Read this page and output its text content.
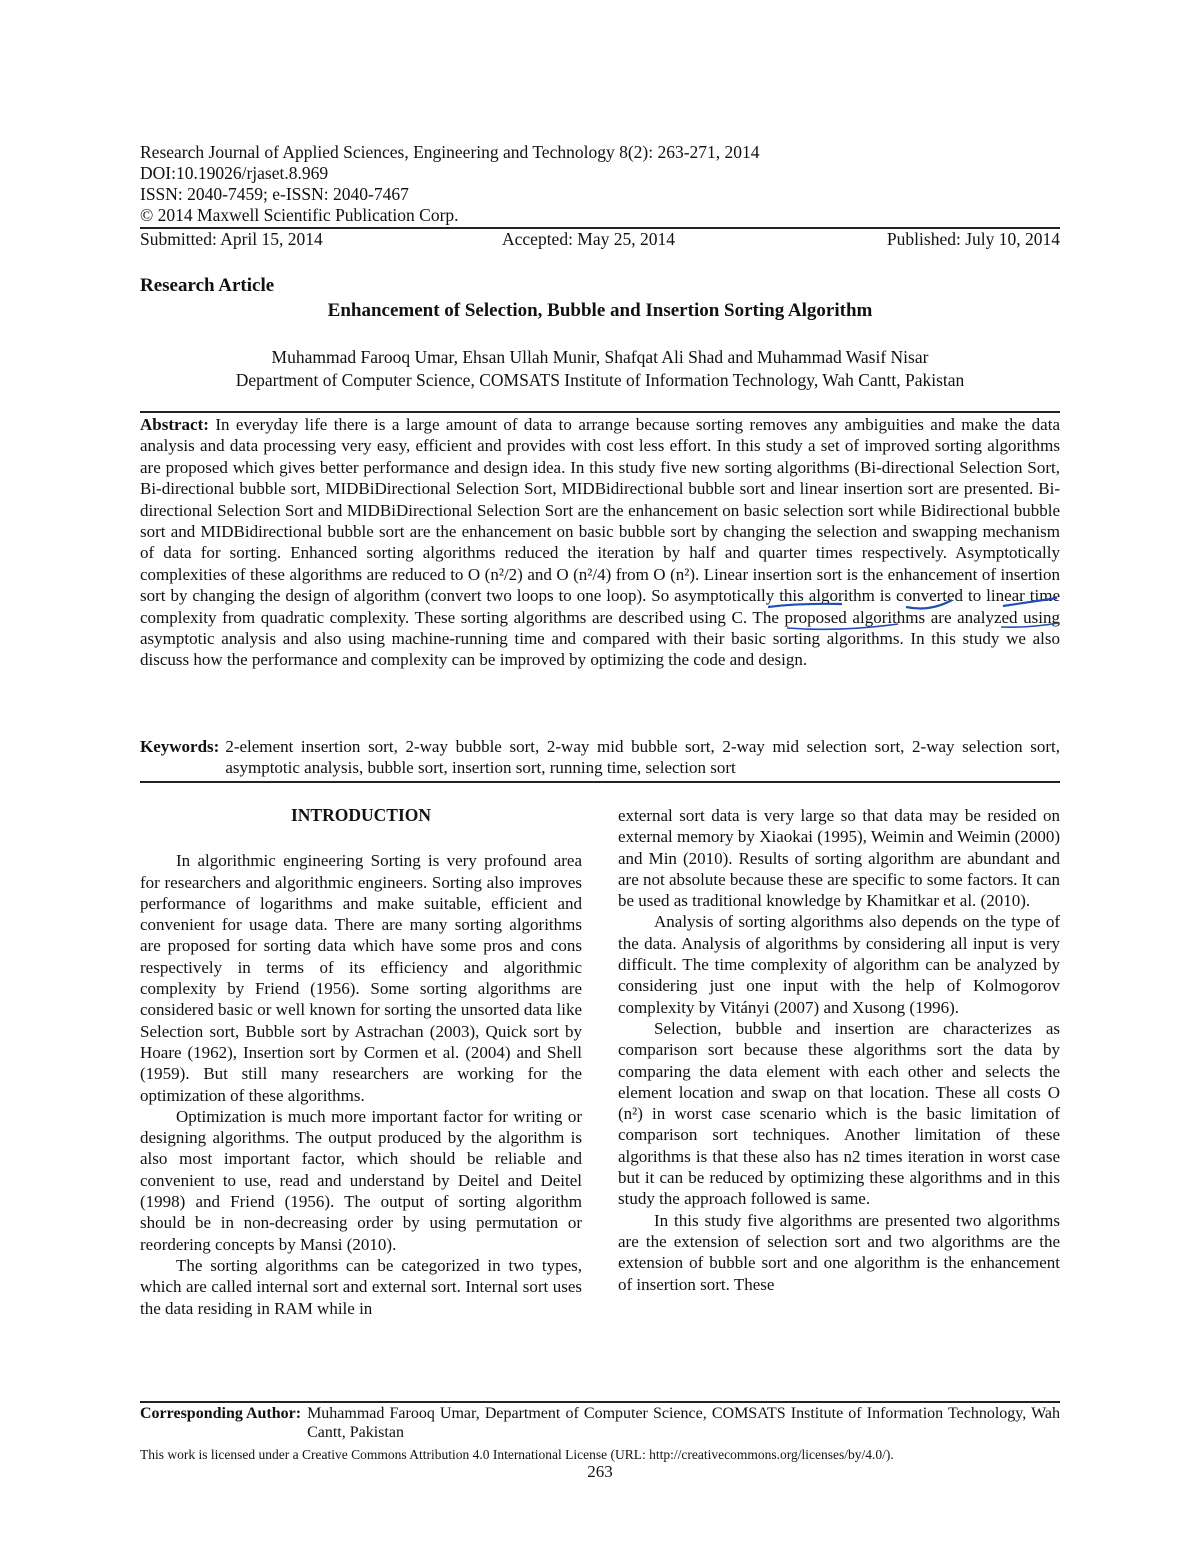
Research Journal of Applied Sciences, Engineering and Technology 8(2): 263-271, 2014
DOI:10.19026/rjaset.8.969
ISSN: 2040-7459; e-ISSN: 2040-7467
© 2014 Maxwell Scientific Publication Corp.
Submitted: April 15, 2014	Accepted: May 25, 2014	Published: July 10, 2014
Research Article
Enhancement of Selection, Bubble and Insertion Sorting Algorithm
Muhammad Farooq Umar, Ehsan Ullah Munir, Shafqat Ali Shad and Muhammad Wasif Nisar
Department of Computer Science, COMSATS Institute of Information Technology, Wah Cantt, Pakistan
Abstract: In everyday life there is a large amount of data to arrange because sorting removes any ambiguities and make the data analysis and data processing very easy, efficient and provides with cost less effort. In this study a set of improved sorting algorithms are proposed which gives better performance and design idea. In this study five new sorting algorithms (Bi-directional Selection Sort, Bi-directional bubble sort, MIDBiDirectional Selection Sort, MIDBidirectional bubble sort and linear insertion sort are presented. Bi-directional Selection Sort and MIDBiDirectional Selection Sort are the enhancement on basic selection sort while Bidirectional bubble sort and MIDBidirectional bubble sort are the enhancement on basic bubble sort by changing the selection and swapping mechanism of data for sorting. Enhanced sorting algorithms reduced the iteration by half and quarter times respectively. Asymptotically complexities of these algorithms are reduced to O (n²/2) and O (n²/4) from O (n²). Linear insertion sort is the enhancement of insertion sort by changing the design of algorithm (convert two loops to one loop). So asymptotically this algorithm is converted to linear time complexity from quadratic complexity. These sorting algorithms are described using C. The proposed algorithms are analyzed using asymptotic analysis and also using machine-running time and compared with their basic sorting algorithms. In this study we also discuss how the performance and complexity can be improved by optimizing the code and design.
Keywords: 2-element insertion sort, 2-way bubble sort, 2-way mid bubble sort, 2-way mid selection sort, 2-way selection sort, asymptotic analysis, bubble sort, insertion sort, running time, selection sort
INTRODUCTION

In algorithmic engineering Sorting is very profound area for researchers and algorithmic engineers. Sorting also improves performance of logarithms and make suitable, efficient and convenient for usage data. There are many sorting algorithms are proposed for sorting data which have some pros and cons respectively in terms of its efficiency and algorithmic complexity by Friend (1956). Some sorting algorithms are considered basic or well known for sorting the unsorted data like Selection sort, Bubble sort by Astrachan (2003), Quick sort by Hoare (1962), Insertion sort by Cormen et al. (2004) and Shell (1959). But still many researchers are working for the optimization of these algorithms.

Optimization is much more important factor for writing or designing algorithms. The output produced by the algorithm is also most important factor, which should be reliable and convenient to use, read and understand by Deitel and Deitel (1998) and Friend (1956). The output of sorting algorithm should be in non-decreasing order by using permutation or reordering concepts by Mansi (2010).

The sorting algorithms can be categorized in two types, which are called internal sort and external sort. Internal sort uses the data residing in RAM while in

external sort data is very large so that data may be resided on external memory by Xiaokai (1995), Weimin and Weimin (2000) and Min (2010). Results of sorting algorithm are abundant and are not absolute because these are specific to some factors. It can be used as traditional knowledge by Khamitkar et al. (2010).

Analysis of sorting algorithms also depends on the type of the data. Analysis of algorithms by considering all input is very difficult. The time complexity of algorithm can be analyzed by considering just one input with the help of Kolmogorov complexity by Vitányi (2007) and Xusong (1996).

Selection, bubble and insertion are characterizes as comparison sort because these algorithms sort the data by comparing the data element with each other and selects the element location and swap on that location. These all costs O (n²) in worst case scenario which is the basic limitation of comparison sort techniques. Another limitation of these algorithms is that these also has n2 times iteration in worst case but it can be reduced by optimizing these algorithms and in this study the approach followed is same.

In this study five algorithms are presented two algorithms are the extension of selection sort and two algorithms are the extension of bubble sort and one algorithm is the enhancement of insertion sort. These

Corresponding Author: Muhammad Farooq Umar, Department of Computer Science, COMSATS Institute of Information Technology, Wah Cantt, Pakistan
This work is licensed under a Creative Commons Attribution 4.0 International License (URL: http://creativecommons.org/licenses/by/4.0/).
263
